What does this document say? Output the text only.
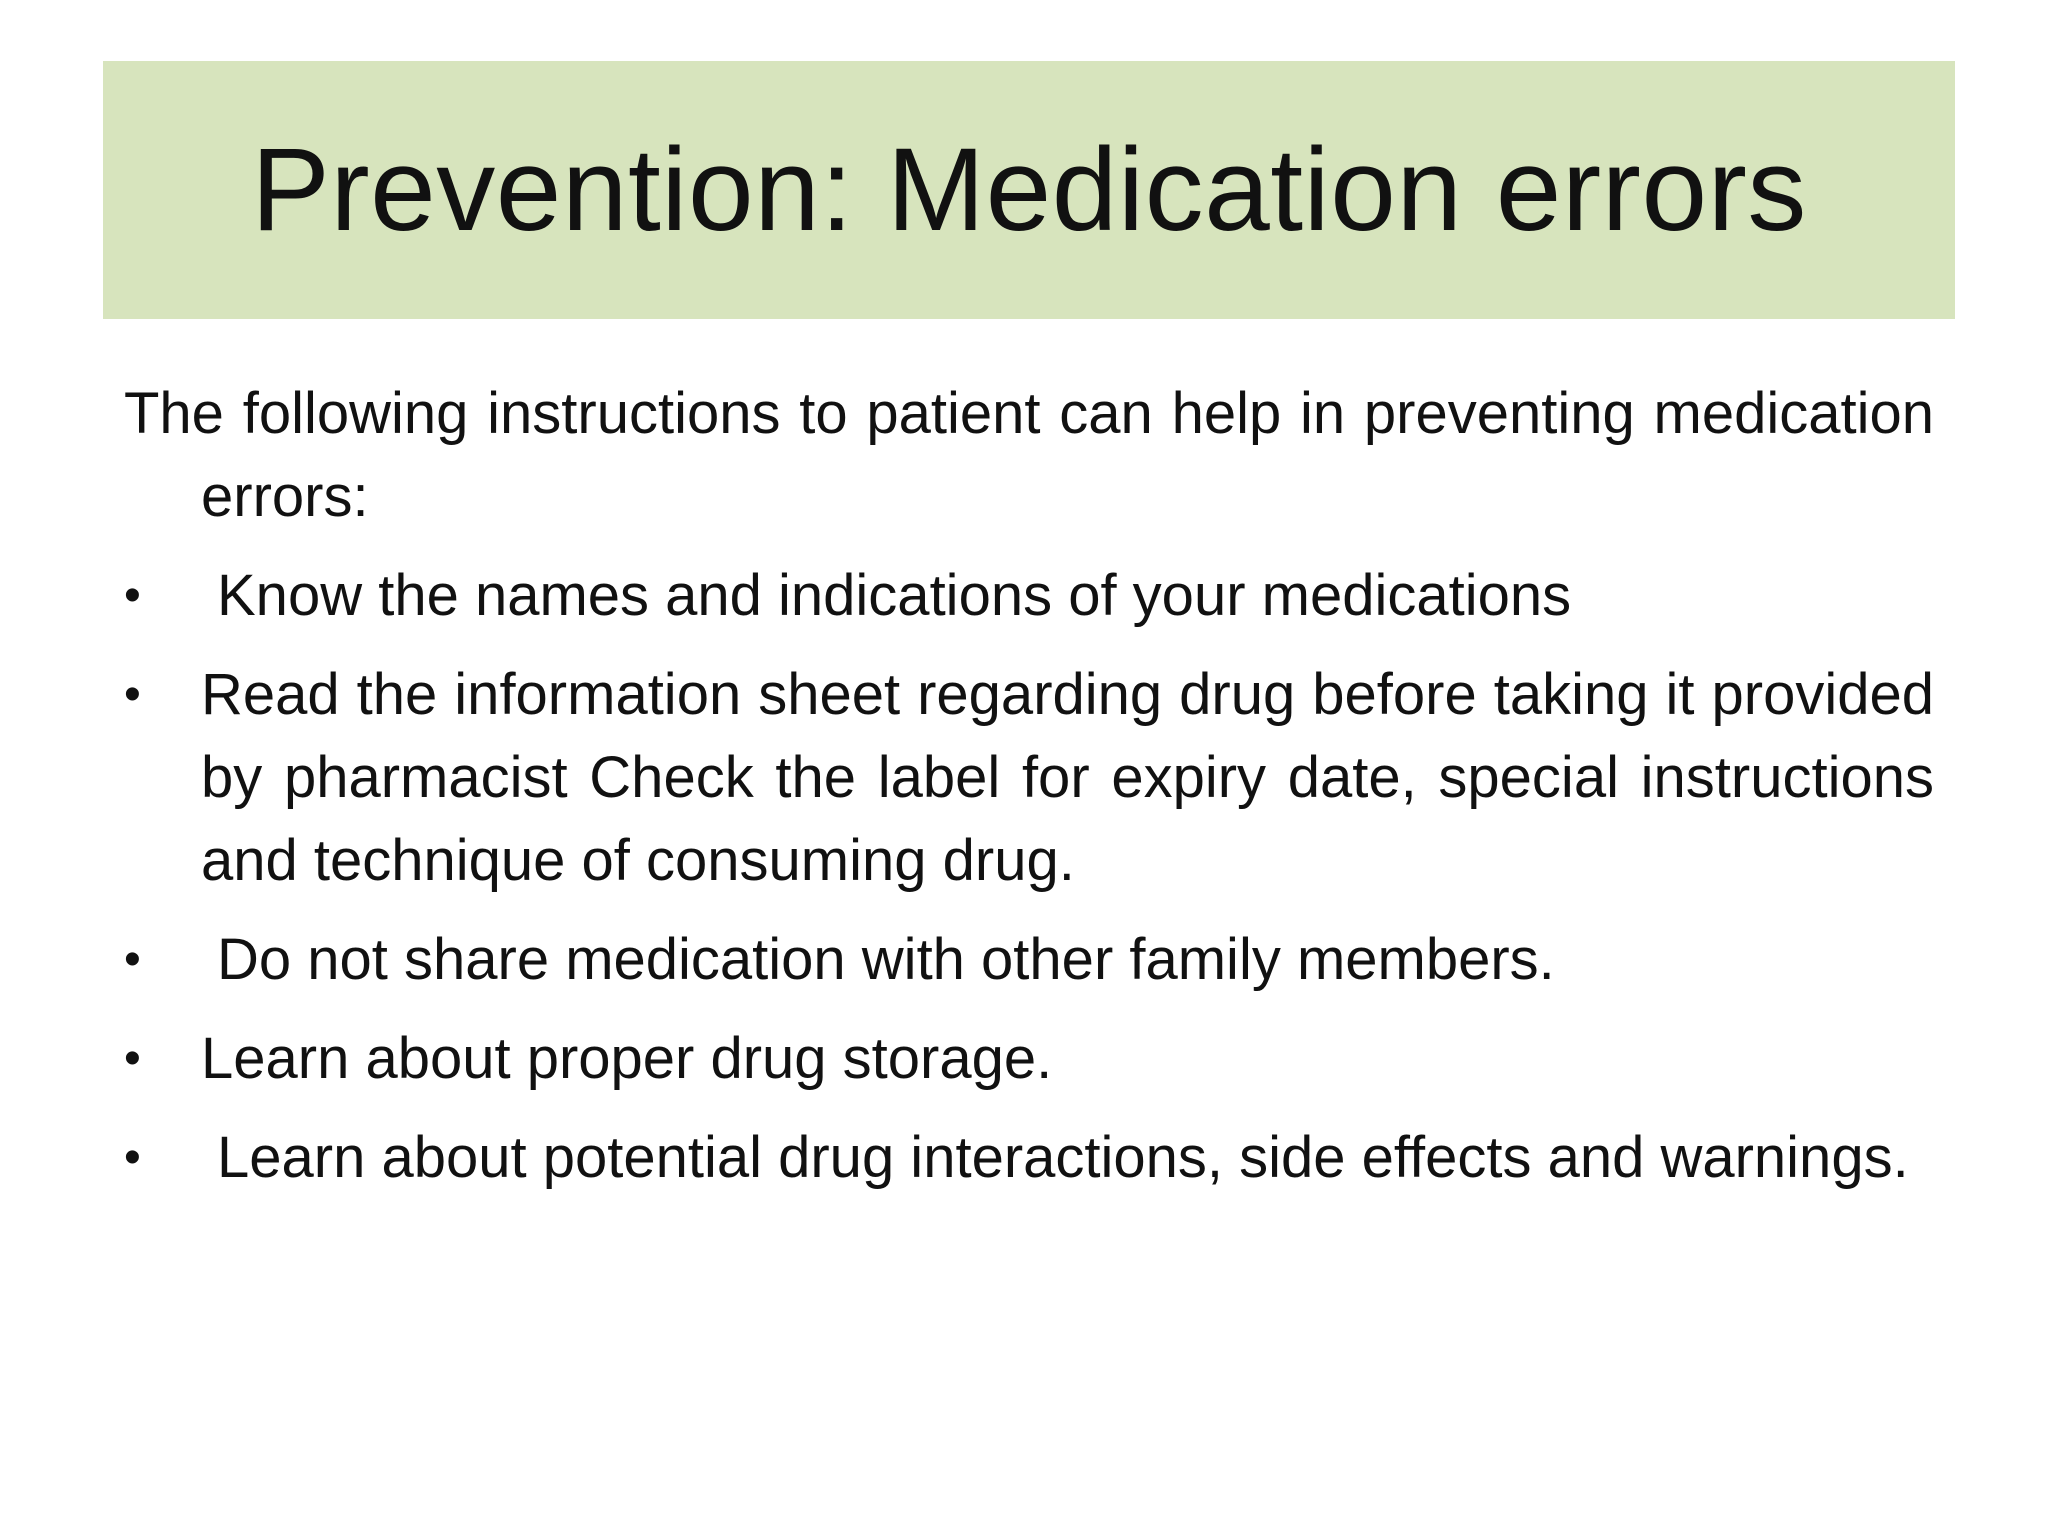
Prevention: Medication errors

The following instructions to patient can help in preventing medication errors:

• Know the names and indications of your medications
• Read the information sheet regarding drug before taking it provided by pharmacist Check the label for expiry date, special instructions and technique of consuming drug.
• Do not share medication with other family members.
• Learn about proper drug storage.
• Learn about potential drug interactions, side effects and warnings.
